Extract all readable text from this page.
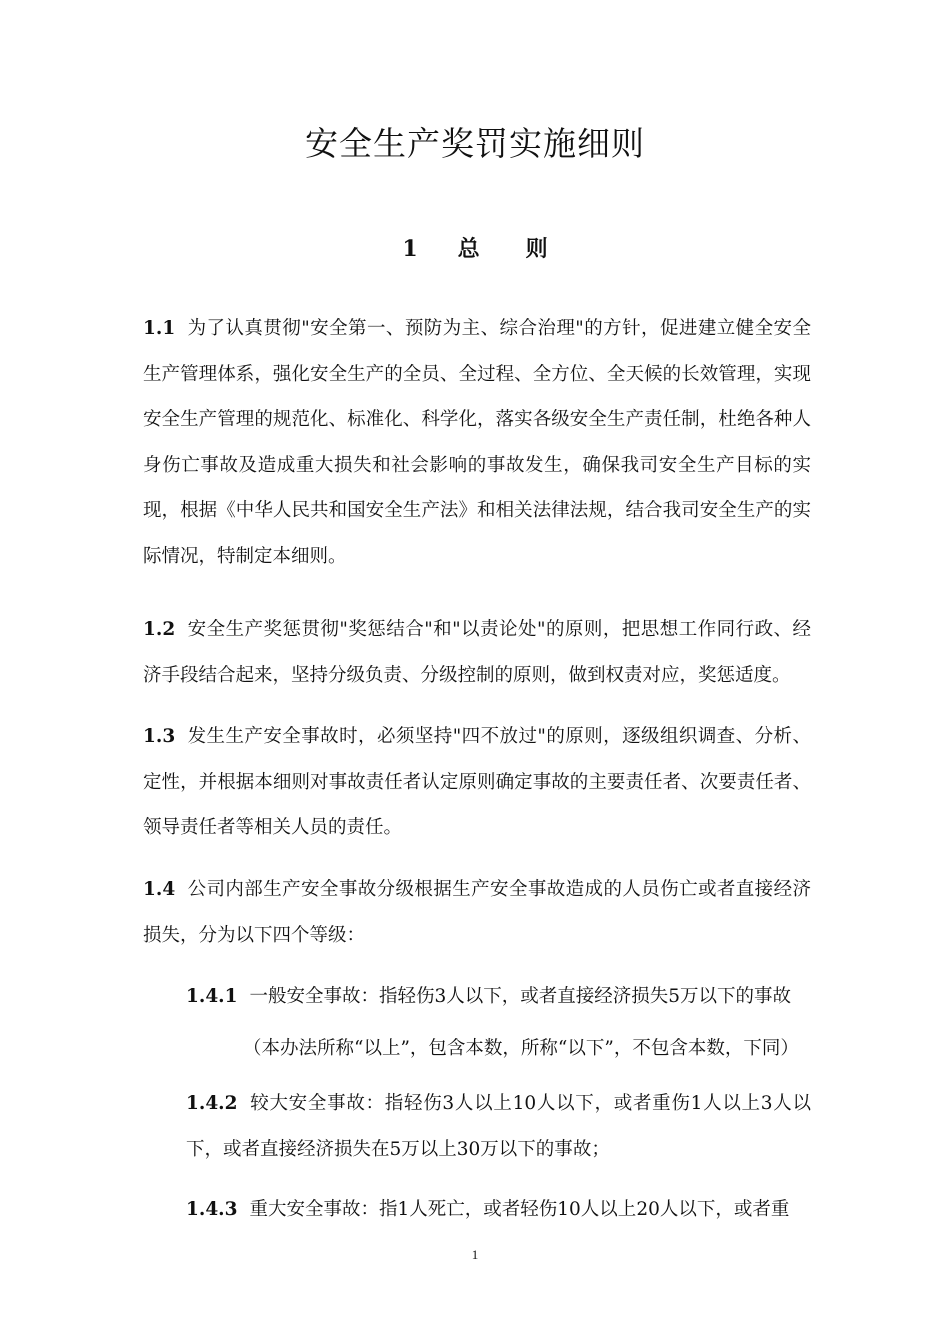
安全生产奖罚实施细则
1 总 则
1.1 为了认真贯彻"安全第一、预防为主、综合治理"的方针，促进建立健全安全生产管理体系，强化安全生产的全员、全过程、全方位、全天候的长效管理，实现安全生产管理的规范化、标准化、科学化，落实各级安全生产责任制，杜绝各种人身伤亡事故及造成重大损失和社会影响的事故发生，确保我司安全生产目标的实现，根据《中华人民共和国安全生产法》和相关法律法规，结合我司安全生产的实际情况，特制定本细则。
1.2 安全生产奖惩贯彻"奖惩结合"和"以责论处"的原则，把思想工作同行政、经济手段结合起来，坚持分级负责、分级控制的原则，做到权责对应，奖惩适度。
1.3 发生生产安全事故时，必须坚持"四不放过"的原则，逐级组织调查、分析、定性，并根据本细则对事故责任者认定原则确定事故的主要责任者、次要责任者、领导责任者等相关人员的责任。
1.4 公司内部生产安全事故分级根据生产安全事故造成的人员伤亡或者直接经济损失，分为以下四个等级：
1.4.1 一般安全事故：指轻伤3人以下，或者直接经济损失5万以下的事故
（本办法所称“以上”，包含本数，所称“以下”，不包含本数，下同）
1.4.2 较大安全事故：指轻伤3人以上10人以下，或者重伤1人以上3人以下，或者直接经济损失在5万以上30万以下的事故；
1.4.3 重大安全事故：指1人死亡，或者轻伤10人以上20人以下，或者重
1
